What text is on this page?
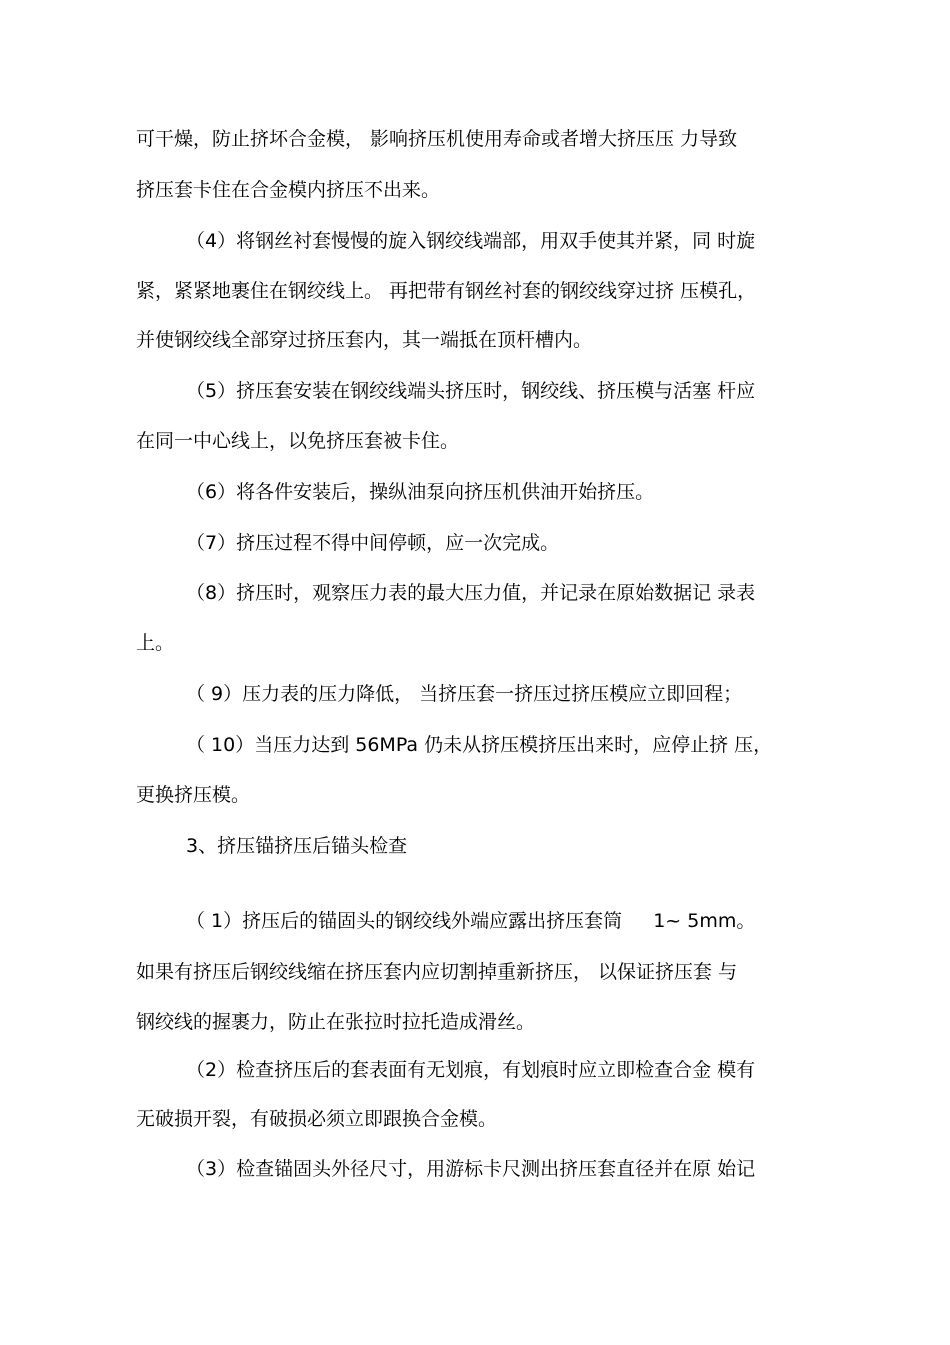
可干燥，防止挤坏合金模， 影响挤压机使用寿命或者增大挤压压 力导致
挤压套卡住在合金模内挤压不出来。
（4）将钢丝衬套慢慢的旋入钢绞线端部，用双手使其并紧，同 时旋
紧，紧紧地裹住在钢绞线上。 再把带有钢丝衬套的钢绞线穿过挤 压模孔，
并使钢绞线全部穿过挤压套内，其一端抵在顶杆槽内。
（5）挤压套安装在钢绞线端头挤压时，钢绞线、挤压模与活塞 杆应
在同一中心线上，以免挤压套被卡住。
（6）将各件安装后，操纵油泵向挤压机供油开始挤压。
（7）挤压过程不得中间停顿，应一次完成。
（8）挤压时，观察压力表的最大压力值，并记录在原始数据记 录表
上。
（ 9）压力表的压力降低， 当挤压套一挤压过挤压模应立即回程；
（ 10）当压力达到 56MPa 仍未从挤压模挤压出来时，应停止挤 压，
更换挤压模。
3、挤压锚挤压后锚头检查
（ 1）挤压后的锚固头的钢绞线外端应露出挤压套筒 　 1~ 5mm。
如果有挤压后钢绞线缩在挤压套内应切割掉重新挤压， 以保证挤压套 与
钢绞线的握裹力，防止在张拉时拉托造成滑丝。
（2）检查挤压后的套表面有无划痕，有划痕时应立即检查合金 模有
无破损开裂，有破损必须立即跟换合金模。
（3）检查锚固头外径尺寸，用游标卡尺测出挤压套直径并在原 始记
